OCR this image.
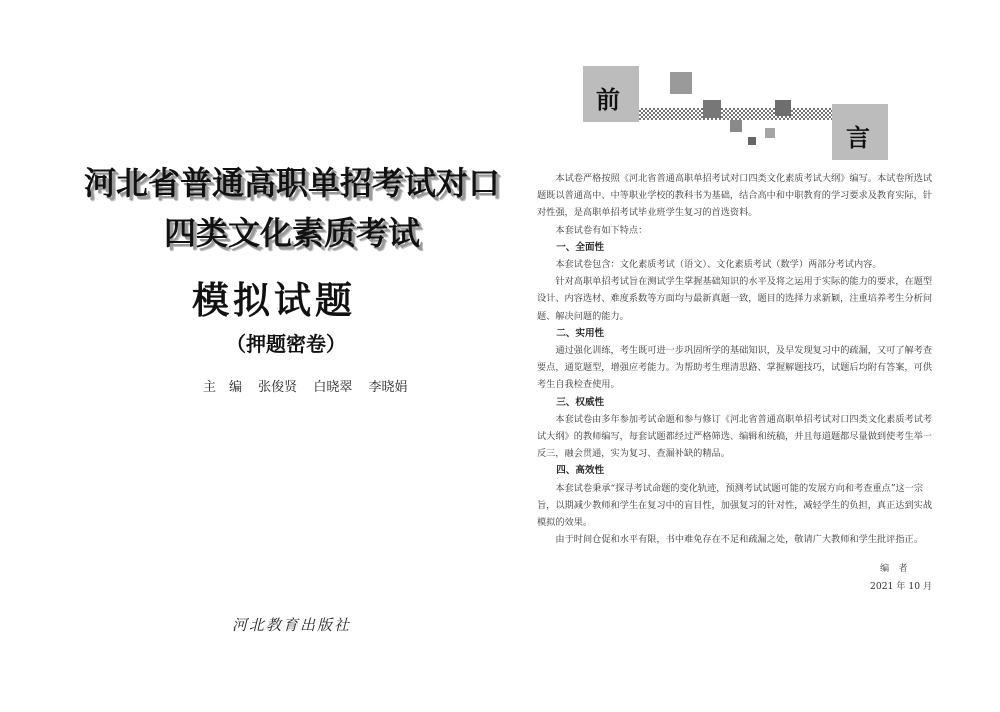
河北省普通高职单招考试对口
四类文化素质考试
模拟试题
（押题密卷）
主　编 张俊贤 白晓翠 李晓娟
河北教育出版社
前
言

本试卷严格按照《河北省普通高职单招考试对口四类文化素质考试大纲》编写。本试卷所选试题既以普通高中、中等职业学校的教科书为基础，结合高中和中职教育的学习要求及教育实际，针对性强，是高职单招考试毕业班学生复习的首选资料。

本套试卷有如下特点：

一、全面性

本套试卷包含：文化素质考试（语文）、文化素质考试（数学）两部分考试内容。

针对高职单招考试旨在测试学生掌握基础知识的水平及将之运用于实际的能力的要求，在题型设计、内容选材、难度系数等方面均与最新真题一致，题目的选择力求新颖，注重培养考生分析问题、解决问题的能力。

二、实用性

通过强化训练，考生既可进一步巩固所学的基础知识，及早发现复习中的疏漏，又可了解考查要点，通览题型，增强应考能力。为帮助考生理清思路、掌握解题技巧，试题后均附有答案，可供考生自我检查使用。

三、权威性

本套试卷由多年参加考试命题和参与修订《河北省普通高职单招考试对口四类文化素质考试考试大纲》的教师编写，每套试题都经过严格筛选、编辑和统稿，并且每道题都尽量做到使考生举一反三，融会贯通，实为复习、查漏补缺的精品。

四、高效性

本套试卷秉承“探寻考试命题的变化轨迹，预测考试试题可能的发展方向和考查重点”这一宗旨，以期减少教师和学生在复习中的盲目性，加强复习的针对性，减轻学生的负担，真正达到实战模拟的效果。

由于时间仓促和水平有限，书中难免存在不足和疏漏之处，敬请广大教师和学生批评指正。

编　者
2021 年 10 月
